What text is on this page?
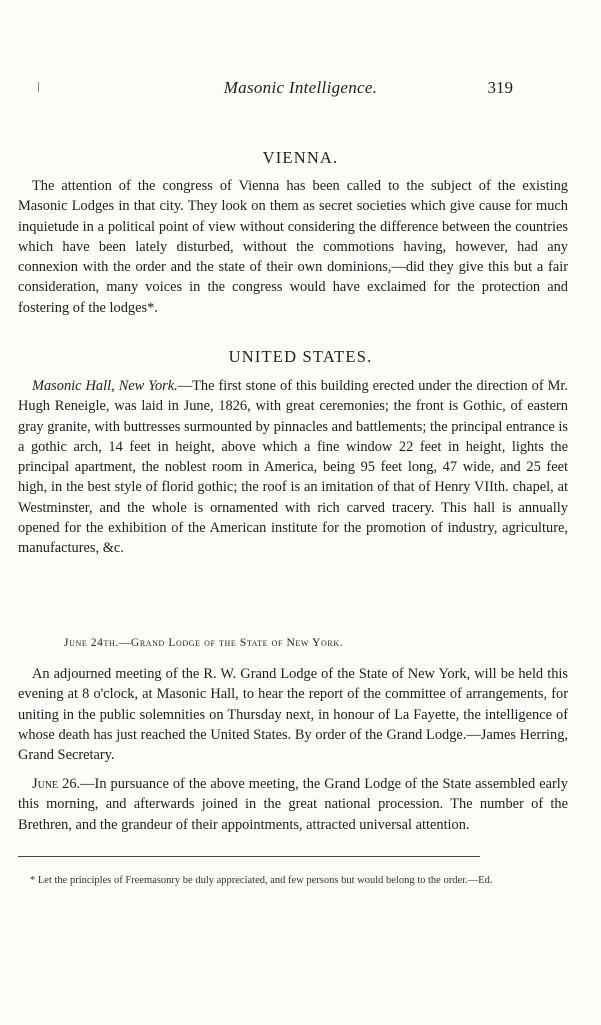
Masonic Intelligence.	319
VIENNA.

The attention of the congress of Vienna has been called to the subject of the existing Masonic Lodges in that city. They look on them as secret societies which give cause for much inquietude in a political point of view without considering the difference between the countries which have been lately disturbed, without the commotions having, however, had any connexion with the order and the state of their own dominions,—did they give this but a fair consideration, many voices in the congress would have exclaimed for the protection and fostering of the lodges*.

UNITED STATES.

Masonic Hall, New York.—The first stone of this building erected under the direction of Mr. Hugh Reneigle, was laid in June, 1826, with great ceremonies; the front is Gothic, of eastern gray granite, with buttresses surmounted by pinnacles and battlements; the principal entrance is a gothic arch, 14 feet in height, above which a fine window 22 feet in height, lights the principal apartment, the noblest room in America, being 95 feet long, 47 wide, and 25 feet high, in the best style of florid gothic; the roof is an imitation of that of Henry VIIth. chapel, at Westminster, and the whole is ornamented with rich carved tracery. This hall is annually opened for the exhibition of the American institute for the promotion of industry, agriculture, manufactures, &c.

June 24th.—Grand Lodge of the State of New York.

An adjourned meeting of the R. W. Grand Lodge of the State of New York, will be held this evening at 8 o'clock, at Masonic Hall, to hear the report of the committee of arrangements, for uniting in the public solemnities on Thursday next, in honour of La Fayette, the intelligence of whose death has just reached the United States. By order of the Grand Lodge.—James Herring, Grand Secretary.

June 26.—In pursuance of the above meeting, the Grand Lodge of the State assembled early this morning, and afterwards joined in the great national procession. The number of the Brethren, and the grandeur of their appointments, attracted universal attention.

* Let the principles of Freemasonry be duly appreciated, and few persons but would belong to the order.—Ed.
